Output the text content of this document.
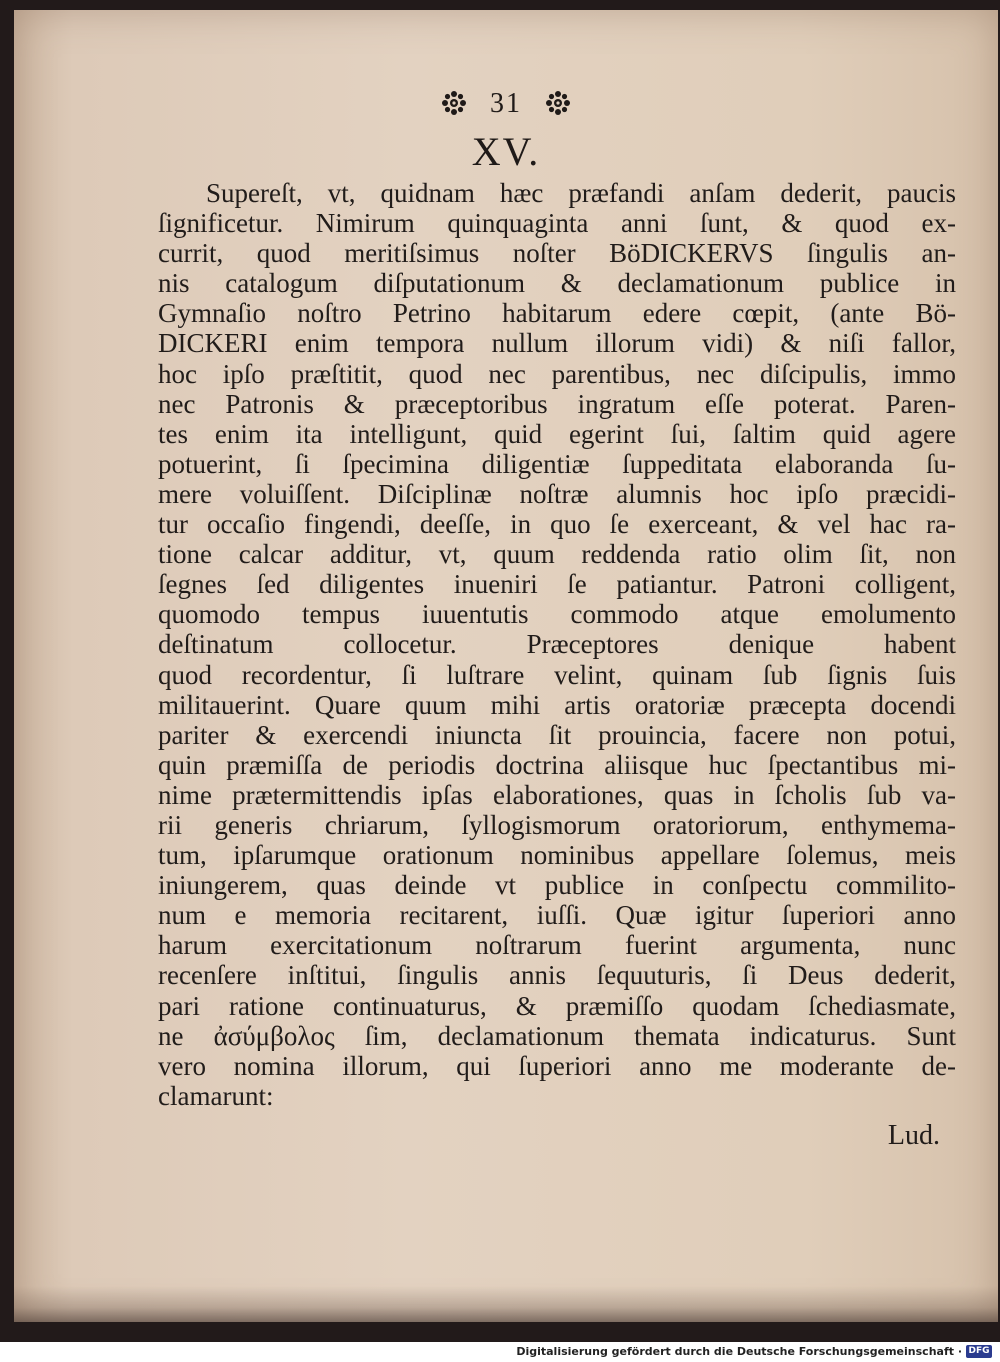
31
XV.
Supereſt, vt, quidnam hæc præfandi anſam dederit, paucis
ſignificetur. Nimirum quinquaginta anni ſunt, & quod ex-
currit, quod meritiſsimus noſter BöDICKERVS ſingulis an-
nis catalogum diſputationum & declamationum publice in
Gymnaſio noſtro Petrino habitarum edere cœpit, (ante Bö-
DICKERI enim tempora nullum illorum vidi) & niſi fallor,
hoc ipſo præſtitit, quod nec parentibus, nec diſcipulis, immo
nec Patronis & præceptoribus ingratum eſſe poterat. Paren-
tes enim ita intelligunt, quid egerint ſui, ſaltim quid agere
potuerint, ſi ſpecimina diligentiæ ſuppeditata elaboranda ſu-
mere voluiſſent. Diſciplinæ noſtræ alumnis hoc ipſo præcidi-
tur occaſio fingendi, deeſſe, in quo ſe exerceant, & vel hac ra-
tione calcar additur, vt, quum reddenda ratio olim ſit, non
ſegnes ſed diligentes inueniri ſe patiantur. Patroni colligent,
quomodo tempus iuuentutis commodo atque emolumento
deſtinatum collocetur. Præceptores denique habent
quod recordentur, ſi luſtrare velint, quinam ſub ſignis ſuis
militauerint. Quare quum mihi artis oratoriæ præcepta docendi
pariter & exercendi iniuncta ſit prouincia, facere non potui,
quin præmiſſa de periodis doctrina aliisque huc ſpectantibus mi-
nime prætermittendis ipſas elaborationes, quas in ſcholis ſub va-
rii generis chriarum, ſyllogismorum oratoriorum, enthymema-
tum, ipſarumque orationum nominibus appellare ſolemus, meis
iniungerem, quas deinde vt publice in conſpectu commilito-
num e memoria recitarent, iuſſi. Quæ igitur ſuperiori anno
harum exercitationum noſtrarum fuerint argumenta, nunc
recenſere inſtitui, ſingulis annis ſequuturis, ſi Deus dederit,
pari ratione continuaturus, & præmiſſo quodam ſchediasmate,
ne ἀσύμβολος ſim, declamationum themata indicaturus. Sunt
vero nomina illorum, qui ſuperiori anno me moderante de-
clamarunt:
Lud.
Digitalisierung gefördert durch die Deutsche Forschungsgemeinschaft · DFG
